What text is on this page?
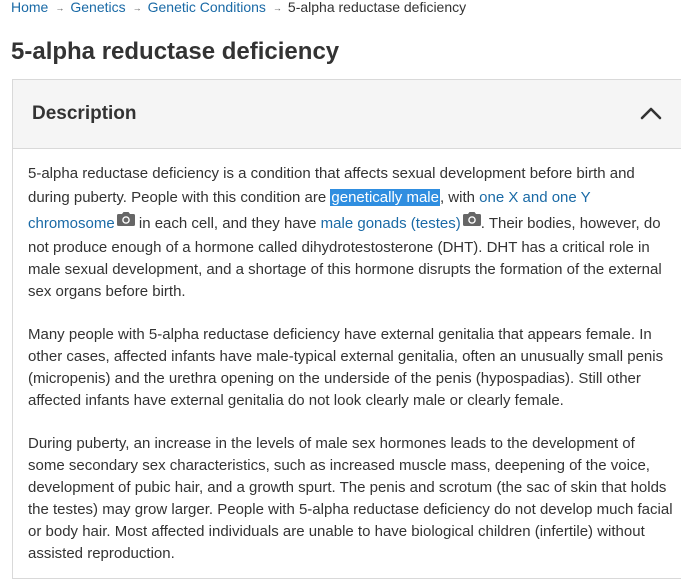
Home → Genetics → Genetic Conditions → 5-alpha reductase deficiency
5-alpha reductase deficiency
Description

5-alpha reductase deficiency is a condition that affects sexual development before birth and during puberty. People with this condition are genetically male, with one X and one Y chromosome in each cell, and they have male gonads (testes) . Their bodies, however, do not produce enough of a hormone called dihydrotestosterone (DHT). DHT has a critical role in male sexual development, and a shortage of this hormone disrupts the formation of the external sex organs before birth.

Many people with 5-alpha reductase deficiency have external genitalia that appears female. In other cases, affected infants have male-typical external genitalia, often an unusually small penis (micropenis) and the urethra opening on the underside of the penis (hypospadias). Still other affected infants have external genitalia do not look clearly male or clearly female.

During puberty, an increase in the levels of male sex hormones leads to the development of some secondary sex characteristics, such as increased muscle mass, deepening of the voice, development of pubic hair, and a growth spurt. The penis and scrotum (the sac of skin that holds the testes) may grow larger. People with 5-alpha reductase deficiency do not develop much facial or body hair. Most affected individuals are unable to have biological children (infertile) without assisted reproduction.
